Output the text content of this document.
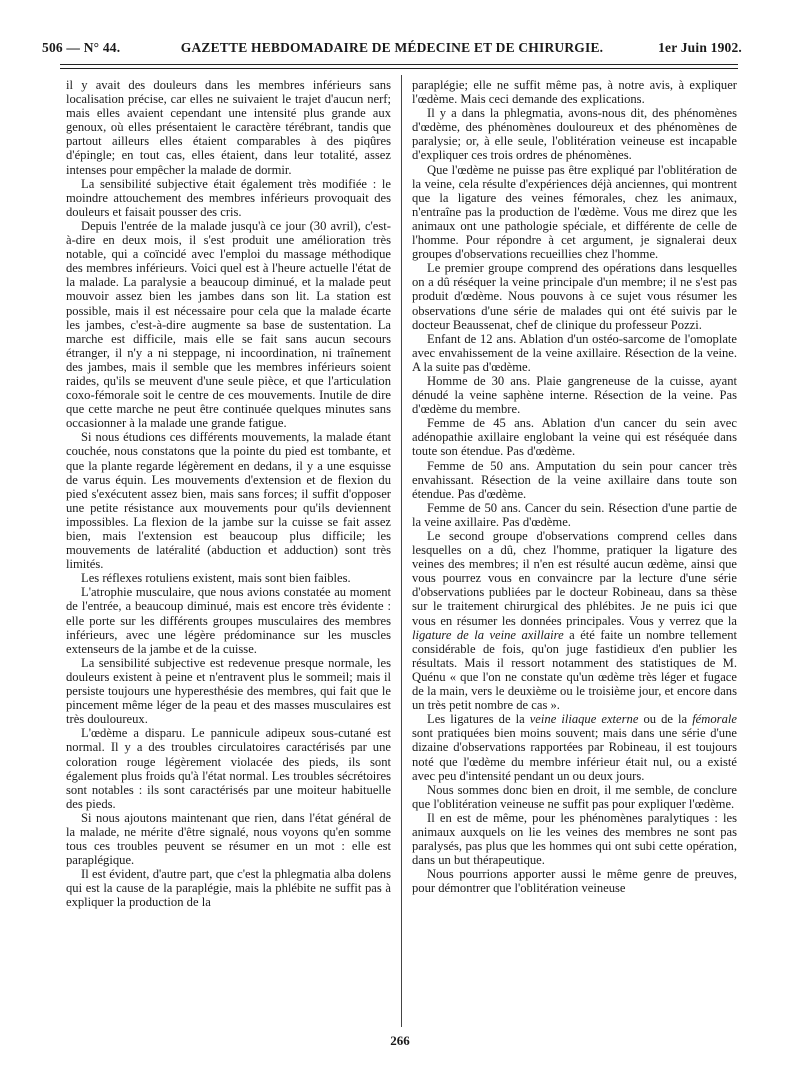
506 — N° 44.	GAZETTE HEBDOMADAIRE DE MÉDECINE ET DE CHIRURGIE.	1er Juin 1902.

il y avait des douleurs dans les membres inférieurs sans localisation précise, car elles ne suivaient le trajet d'aucun nerf; mais elles avaient cependant une intensité plus grande aux genoux, où elles présentaient le caractère térébrant, tandis que partout ailleurs elles étaient comparables à des piqûres d'épingle; en tout cas, elles étaient, dans leur totalité, assez intenses pour empêcher la malade de dormir.

La sensibilité subjective était également très modifiée : le moindre attouchement des membres inférieurs provoquait des douleurs et faisait pousser des cris.

Depuis l'entrée de la malade jusqu'à ce jour (30 avril), c'est-à-dire en deux mois, il s'est produit une amélioration très notable, qui a coïncidé avec l'emploi du massage méthodique des membres inférieurs. Voici quel est à l'heure actuelle l'état de la malade. La paralysie a beaucoup diminué, et la malade peut mouvoir assez bien les jambes dans son lit. La station est possible, mais il est nécessaire pour cela que la malade écarte les jambes, c'est-à-dire augmente sa base de sustentation. La marche est difficile, mais elle se fait sans aucun secours étranger, il n'y a ni steppage, ni incoordination, ni traînement des jambes, mais il semble que les membres inférieurs soient raides, qu'ils se meuvent d'une seule pièce, et que l'articulation coxo-fémorale soit le centre de ces mouvements. Inutile de dire que cette marche ne peut être continuée quelques minutes sans occasionner à la malade une grande fatigue.

Si nous étudions ces différents mouvements, la malade étant couchée, nous constatons que la pointe du pied est tombante, et que la plante regarde légèrement en dedans, il y a une esquisse de varus équin. Les mouvements d'extension et de flexion du pied s'exécutent assez bien, mais sans forces; il suffit d'opposer une petite résistance aux mouvements pour qu'ils deviennent impossibles. La flexion de la jambe sur la cuisse se fait assez bien, mais l'extension est beaucoup plus difficile; les mouvements de latéralité (abduction et adduction) sont très limités.

Les réflexes rotuliens existent, mais sont bien faibles.

L'atrophie musculaire, que nous avions constatée au moment de l'entrée, a beaucoup diminué, mais est encore très évidente : elle porte sur les différents groupes musculaires des membres inférieurs, avec une légère prédominance sur les muscles extenseurs de la jambe et de la cuisse.

La sensibilité subjective est redevenue presque normale, les douleurs existent à peine et n'entravent plus le sommeil; mais il persiste toujours une hyperesthésie des membres, qui fait que le pincement même léger de la peau et des masses musculaires est très douloureux.

L'œdème a disparu. Le pannicule adipeux sous-cutané est normal. Il y a des troubles circulatoires caractérisés par une coloration rouge légèrement violacée des pieds, ils sont également plus froids qu'à l'état normal. Les troubles sécrétoires sont notables : ils sont caractérisés par une moiteur habituelle des pieds.

Si nous ajoutons maintenant que rien, dans l'état général de la malade, ne mérite d'être signalé, nous voyons qu'en somme tous ces troubles peuvent se résumer en un mot : elle est paraplégique.

Il est évident, d'autre part, que c'est la phlegmatia alba dolens qui est la cause de la paraplégie, mais la phlébite ne suffit pas à expliquer la production de la

paraplégie; elle ne suffit même pas, à notre avis, à expliquer l'œdème. Mais ceci demande des explications.

Il y a dans la phlegmatia, avons-nous dit, des phénomènes d'œdème, des phénomènes douloureux et des phénomènes de paralysie; or, à elle seule, l'oblitération veineuse est incapable d'expliquer ces trois ordres de phénomènes.

Que l'œdème ne puisse pas être expliqué par l'oblitération de la veine, cela résulte d'expériences déjà anciennes, qui montrent que la ligature des veines fémorales, chez les animaux, n'entraîne pas la production de l'œdème. Vous me direz que les animaux ont une pathologie spéciale, et différente de celle de l'homme. Pour répondre à cet argument, je signalerai deux groupes d'observations recueillies chez l'homme.

Le premier groupe comprend des opérations dans lesquelles on a dû réséquer la veine principale d'un membre; il ne s'est pas produit d'œdème. Nous pouvons à ce sujet vous résumer les observations d'une série de malades qui ont été suivis par le docteur Beaussenat, chef de clinique du professeur Pozzi.

Enfant de 12 ans. Ablation d'un ostéo-sarcome de l'omoplate avec envahissement de la veine axillaire. Résection de la veine. A la suite pas d'œdème.

Homme de 30 ans. Plaie gangreneuse de la cuisse, ayant dénudé la veine saphène interne. Résection de la veine. Pas d'œdème du membre.

Femme de 45 ans. Ablation d'un cancer du sein avec adénopathie axillaire englobant la veine qui est réséquée dans toute son étendue. Pas d'œdème.

Femme de 50 ans. Amputation du sein pour cancer très envahissant. Résection de la veine axillaire dans toute son étendue. Pas d'œdème.

Femme de 50 ans. Cancer du sein. Résection d'une partie de la veine axillaire. Pas d'œdème.

Le second groupe d'observations comprend celles dans lesquelles on a dû, chez l'homme, pratiquer la ligature des veines des membres; il n'en est résulté aucun œdème, ainsi que vous pourrez vous en convaincre par la lecture d'une série d'observations publiées par le docteur Robineau, dans sa thèse sur le traitement chirurgical des phlébites. Je ne puis ici que vous en résumer les données principales. Vous y verrez que la ligature de la veine axillaire a été faite un nombre tellement considérable de fois, qu'on juge fastidieux d'en publier les résultats. Mais il ressort notamment des statistiques de M. Quénu « que l'on ne constate qu'un œdème très léger et fugace de la main, vers le deuxième ou le troisième jour, et encore dans un très petit nombre de cas ».

Les ligatures de la veine iliaque externe ou de la fémorale sont pratiquées bien moins souvent; mais dans une série d'une dizaine d'observations rapportées par Robineau, il est toujours noté que l'œdème du membre inférieur était nul, ou a existé avec peu d'intensité pendant un ou deux jours.

Nous sommes donc bien en droit, il me semble, de conclure que l'oblitération veineuse ne suffit pas pour expliquer l'œdème.

Il en est de même, pour les phénomènes paralytiques : les animaux auxquels on lie les veines des membres ne sont pas paralysés, pas plus que les hommes qui ont subi cette opération, dans un but thérapeutique.

Nous pourrions apporter aussi le même genre de preuves, pour démontrer que l'oblitération veineuse

266
